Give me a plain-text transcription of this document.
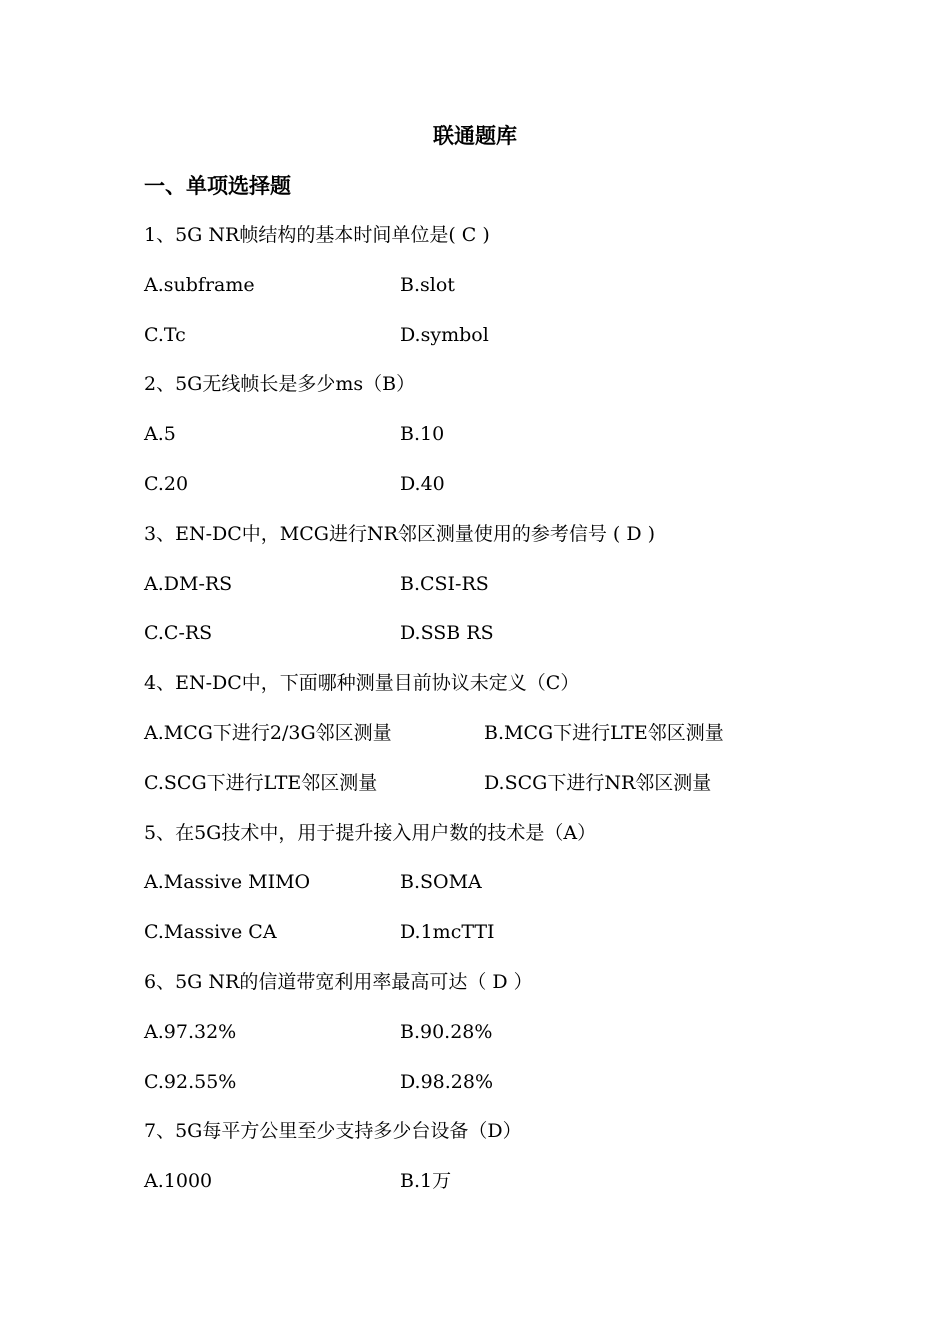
联通题库
一、单项选择题
1、5G NR帧结构的基本时间单位是( C )
A.subframe	B.slot
C.Tc	D.symbol
2、5G无线帧长是多少ms（B）
A.5	B.10
C.20	D.40
3、EN-DC中，MCG进行NR邻区测量使用的参考信号 ( D )
A.DM-RS	B.CSI-RS
C.C-RS	D.SSB RS
4、EN-DC中，下面哪种测量目前协议未定义（C）
A.MCG下进行2/3G邻区测量	B.MCG下进行LTE邻区测量
C.SCG下进行LTE邻区测量	D.SCG下进行NR邻区测量
5、在5G技术中，用于提升接入用户数的技术是（A）
A.Massive MIMO	B.SOMA
C.Massive CA	D.1mcTTI
6、5G NR的信道带宽利用率最高可达（ D ）
A.97.32%	B.90.28%
C.92.55%	D.98.28%
7、5G每平方公里至少支持多少台设备（D）
A.1000	B.1万
